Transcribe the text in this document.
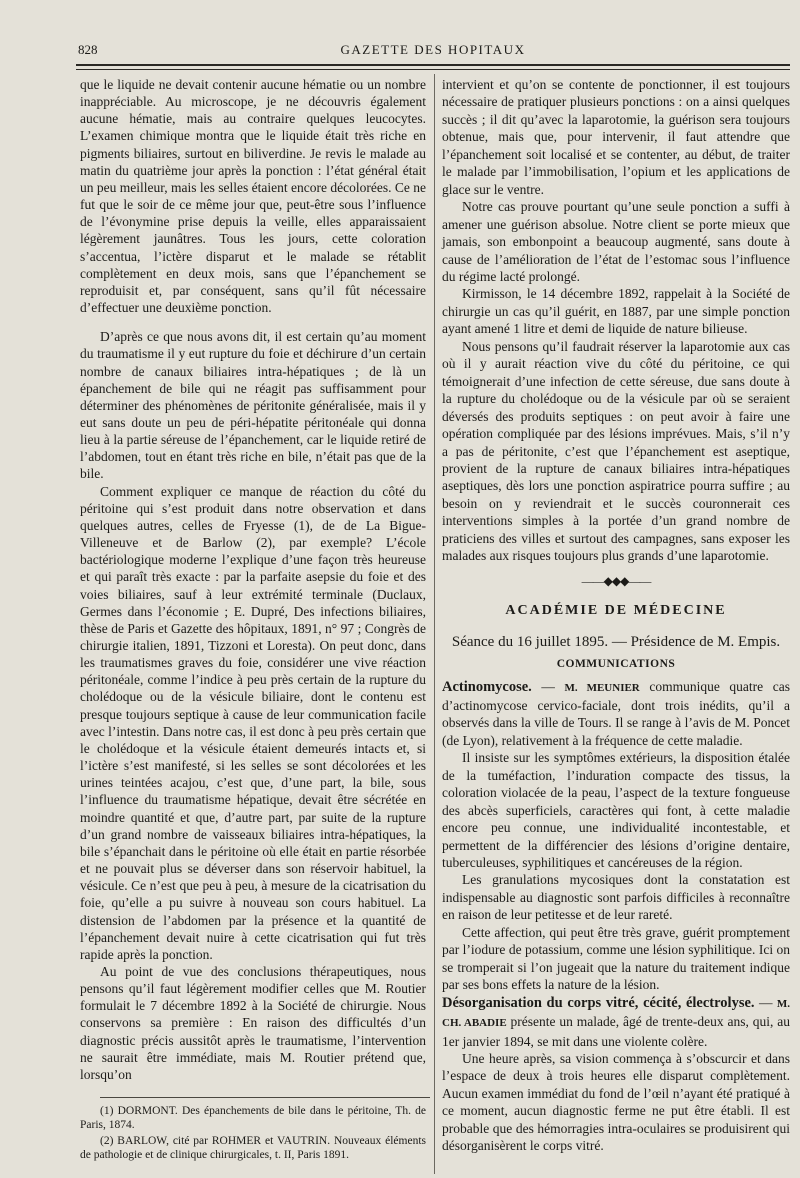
828	GAZETTE DES HOPITAUX

que le liquide ne devait contenir aucune hématie ou un nombre inappréciable. Au microscope, je ne découvris également aucune hématie, mais au contraire quelques leucocytes. L’examen chimique montra que le liquide était très riche en pigments biliaires, surtout en biliverdine. Je revis le malade au matin du quatrième jour après la ponction : l’état général était un peu meilleur, mais les selles étaient encore décolorées. Ce ne fut que le soir de ce même jour que, peut-être sous l’influence de l’évonymine prise depuis la veille, elles apparaissaient légèrement jaunâtres. Tous les jours, cette coloration s’accentua, l’ictère disparut et le malade se rétablit complètement en deux mois, sans que l’épanchement se reproduisit et, par conséquent, sans qu’il fût nécessaire d’effectuer une deuxième ponction.

D’après ce que nous avons dit, il est certain qu’au moment du traumatisme il y eut rupture du foie et déchirure d’un certain nombre de canaux biliaires intra-hépatiques ; de là un épanchement de bile qui ne réagit pas suffisamment pour déterminer des phénomènes de péritonite généralisée, mais il y eut sans doute un peu de péri-hépatite péritonéale qui donna lieu à la partie séreuse de l’épanchement, car le liquide retiré de l’abdomen, tout en étant très riche en bile, n’était pas que de la bile.

Comment expliquer ce manque de réaction du côté du péritoine qui s’est produit dans notre observation et dans quelques autres, celles de Fryesse (1), de de La Bigue-Villeneuve et de Barlow (2), par exemple? L’école bactériologique moderne l’explique d’une façon très heureuse et qui paraît très exacte : par la parfaite asepsie du foie et des voies biliaires, sauf à leur extrémité terminale (Duclaux, Germes dans l’économie ; E. Dupré, Des infections biliaires, thèse de Paris et Gazette des hôpitaux, 1891, n° 97 ; Congrès de chirurgie italien, 1891, Tizzoni et Loresta). On peut donc, dans les traumatismes graves du foie, considérer une vive réaction péritonéale, comme l’indice à peu près certain de la rupture du cholédoque ou de la vésicule biliaire, dont le contenu est presque toujours septique à cause de leur communication facile avec l’intestin. Dans notre cas, il est donc à peu près certain que le cholédoque et la vésicule étaient demeurés intacts et, si l’ictère s’est manifesté, si les selles se sont décolorées et les urines teintées acajou, c’est que, d’une part, la bile, sous l’influence du traumatisme hépatique, devait être sécrétée en moindre quantité et que, d’autre part, par suite de la rupture d’un grand nombre de vaisseaux biliaires intra-hépatiques, la bile s’épanchait dans le péritoine où elle était en partie résorbée et ne pouvait plus se déverser dans son réservoir habituel, la vésicule. Ce n’est que peu à peu, à mesure de la cicatrisation du foie, qu’elle a pu suivre à nouveau son cours habituel. La distension de l’abdomen par la présence et la quantité de l’épanchement devait nuire à cette cicatrisation qui fut très rapide après la ponction.

Au point de vue des conclusions thérapeutiques, nous pensons qu’il faut légèrement modifier celles que M. Routier formulait le 7 décembre 1892 à la Société de chirurgie. Nous conservons sa première : En raison des difficultés d’un diagnostic précis aussitôt après le traumatisme, l’intervention ne saurait être immédiate, mais M. Routier prétend que, lorsqu’on

(1) DORMONT. Des épanchements de bile dans le péritoine, Th. de Paris, 1874.

(2) BARLOW, cité par ROHMER et VAUTRIN. Nouveaux éléments de pathologie et de clinique chirurgicales, t. II, Paris 1891.

intervient et qu’on se contente de ponctionner, il est toujours nécessaire de pratiquer plusieurs ponctions : on a ainsi quelques succès ; il dit qu’avec la laparotomie, la guérison sera toujours obtenue, mais que, pour intervenir, il faut attendre que l’épanchement soit localisé et se contenter, au début, de traiter le malade par l’immobilisation, l’opium et les applications de glace sur le ventre.

Notre cas prouve pourtant qu’une seule ponction a suffi à amener une guérison absolue. Notre client se porte mieux que jamais, son embonpoint a beaucoup augmenté, sans doute à cause de l’amélioration de l’état de l’estomac sous l’influence du régime lacté prolongé.

Kirmisson, le 14 décembre 1892, rappelait à la Société de chirurgie un cas qu’il guérit, en 1887, par une simple ponction ayant amené 1 litre et demi de liquide de nature bilieuse.

Nous pensons qu’il faudrait réserver la laparotomie aux cas où il y aurait réaction vive du côté du péritoine, ce qui témoignerait d’une infection de cette séreuse, due sans doute à la rupture du cholédoque ou de la vésicule par où se seraient déversés des produits septiques : on peut avoir à faire une opération compliquée par des lésions imprévues. Mais, s’il n’y a pas de péritonite, c’est que l’épanchement est aseptique, provient de la rupture de canaux biliaires intra-hépatiques aseptiques, dès lors une ponction aspiratrice pourra suffire ; au besoin on y reviendrait et le succès couronnerait ces interventions simples à la portée d’un grand nombre de praticiens des villes et surtout des campagnes, sans exposer les malades aux risques toujours plus grands d’une laparotomie.

——◆◆◆——
ACADÉMIE DE MÉDECINE
Séance du 16 juillet 1895. — Présidence de M. Empis.
COMMUNICATIONS

Actinomycose. — M. MEUNIER communique quatre cas d’actinomycose cervico-faciale, dont trois inédits, qu’il a observés dans la ville de Tours. Il se range à l’avis de M. Poncet (de Lyon), relativement à la fréquence de cette maladie.

Il insiste sur les symptômes extérieurs, la disposition étalée de la tuméfaction, l’induration compacte des tissus, la coloration violacée de la peau, l’aspect de la texture fongueuse des abcès superficiels, caractères qui font, à cette maladie encore peu connue, une individualité incontestable, et permettent de la différencier des lésions d’origine dentaire, tuberculeuses, syphilitiques et cancéreuses de la région.

Les granulations mycosiques dont la constatation est indispensable au diagnostic sont parfois difficiles à reconnaître en raison de leur petitesse et de leur rareté.

Cette affection, qui peut être très grave, guérit promptement par l’iodure de potassium, comme une lésion syphilitique. Ici on se tromperait si l’on jugeait que la nature du traitement indique par ses bons effets la nature de la lésion.

Désorganisation du corps vitré, cécité, électrolyse. — M. CH. ABADIE présente un malade, âgé de trente-deux ans, qui, au 1er janvier 1894, se mit dans une violente colère.

Une heure après, sa vision commença à s’obscurcir et dans l’espace de deux à trois heures elle disparut complètement. Aucun examen immédiat du fond de l’œil n’ayant été pratiqué à ce moment, aucun diagnostic ferme ne put être établi. Il est probable que des hémorragies intra-oculaires se produisirent qui désorganisèrent le corps vitré.
